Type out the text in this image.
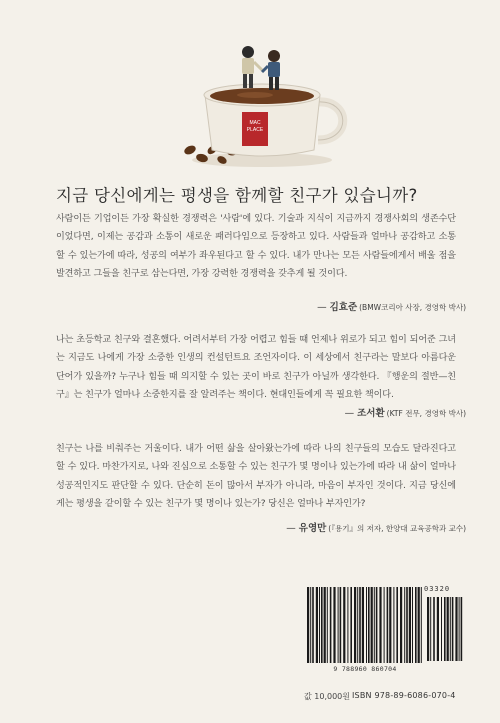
MAC
PLACE
지금 당신에게는 평생을 함께할 친구가 있습니까?
사람이든 기업이든 가장 확실한 경쟁력은 '사람'에 있다. 기술과 지식이 지금까지 경쟁사회의 생존수단이었다면, 이제는 공감과 소통이 새로운 패러다임으로 등장하고 있다. 사람들과 얼마나 공감하고 소통할 수 있는가에 따라, 성공의 여부가 좌우된다고 할 수 있다. 내가 만나는 모든 사람들에게서 배울 점을 발견하고 그들을 친구로 삼는다면, 가장 강력한 경쟁력을 갖추게 될 것이다.
— 김효준 (BMW코리아 사장, 경영학 박사)
나는 초등학교 친구와 결혼했다. 어려서부터 가장 어렵고 힘들 때 언제나 위로가 되고 힘이 되어준 그녀는 지금도 나에게 가장 소중한 인생의 컨설턴트요 조언자이다. 이 세상에서 친구라는 말보다 아름다운 단어가 있을까? 누구나 힘들 때 의지할 수 있는 곳이 바로 친구가 아닐까 생각한다. 『행운의 절반—친구』는 친구가 얼마나 소중한지를 잘 알려주는 책이다. 현대인들에게 꼭 필요한 책이다.
— 조서환 (KTF 전무, 경영학 박사)
친구는 나를 비춰주는 거울이다. 내가 어떤 삶을 살아왔는가에 따라 나의 친구들의 모습도 달라진다고 할 수 있다. 마찬가지로, 나와 진심으로 소통할 수 있는 친구가 몇 명이나 있는가에 따라 내 삶이 얼마나 성공적인지도 판단할 수 있다. 단순히 돈이 많아서 부자가 아니라, 마음이 부자인 것이다. 지금 당신에게는 평생을 같이할 수 있는 친구가 몇 명이나 있는가? 당신은 얼마나 부자인가?
— 유영만 (『용기』의 저자, 한양대 교육공학과 교수)
03320
9 788960 860704
값 10,000원 ISBN 978-89-6086-070-4
